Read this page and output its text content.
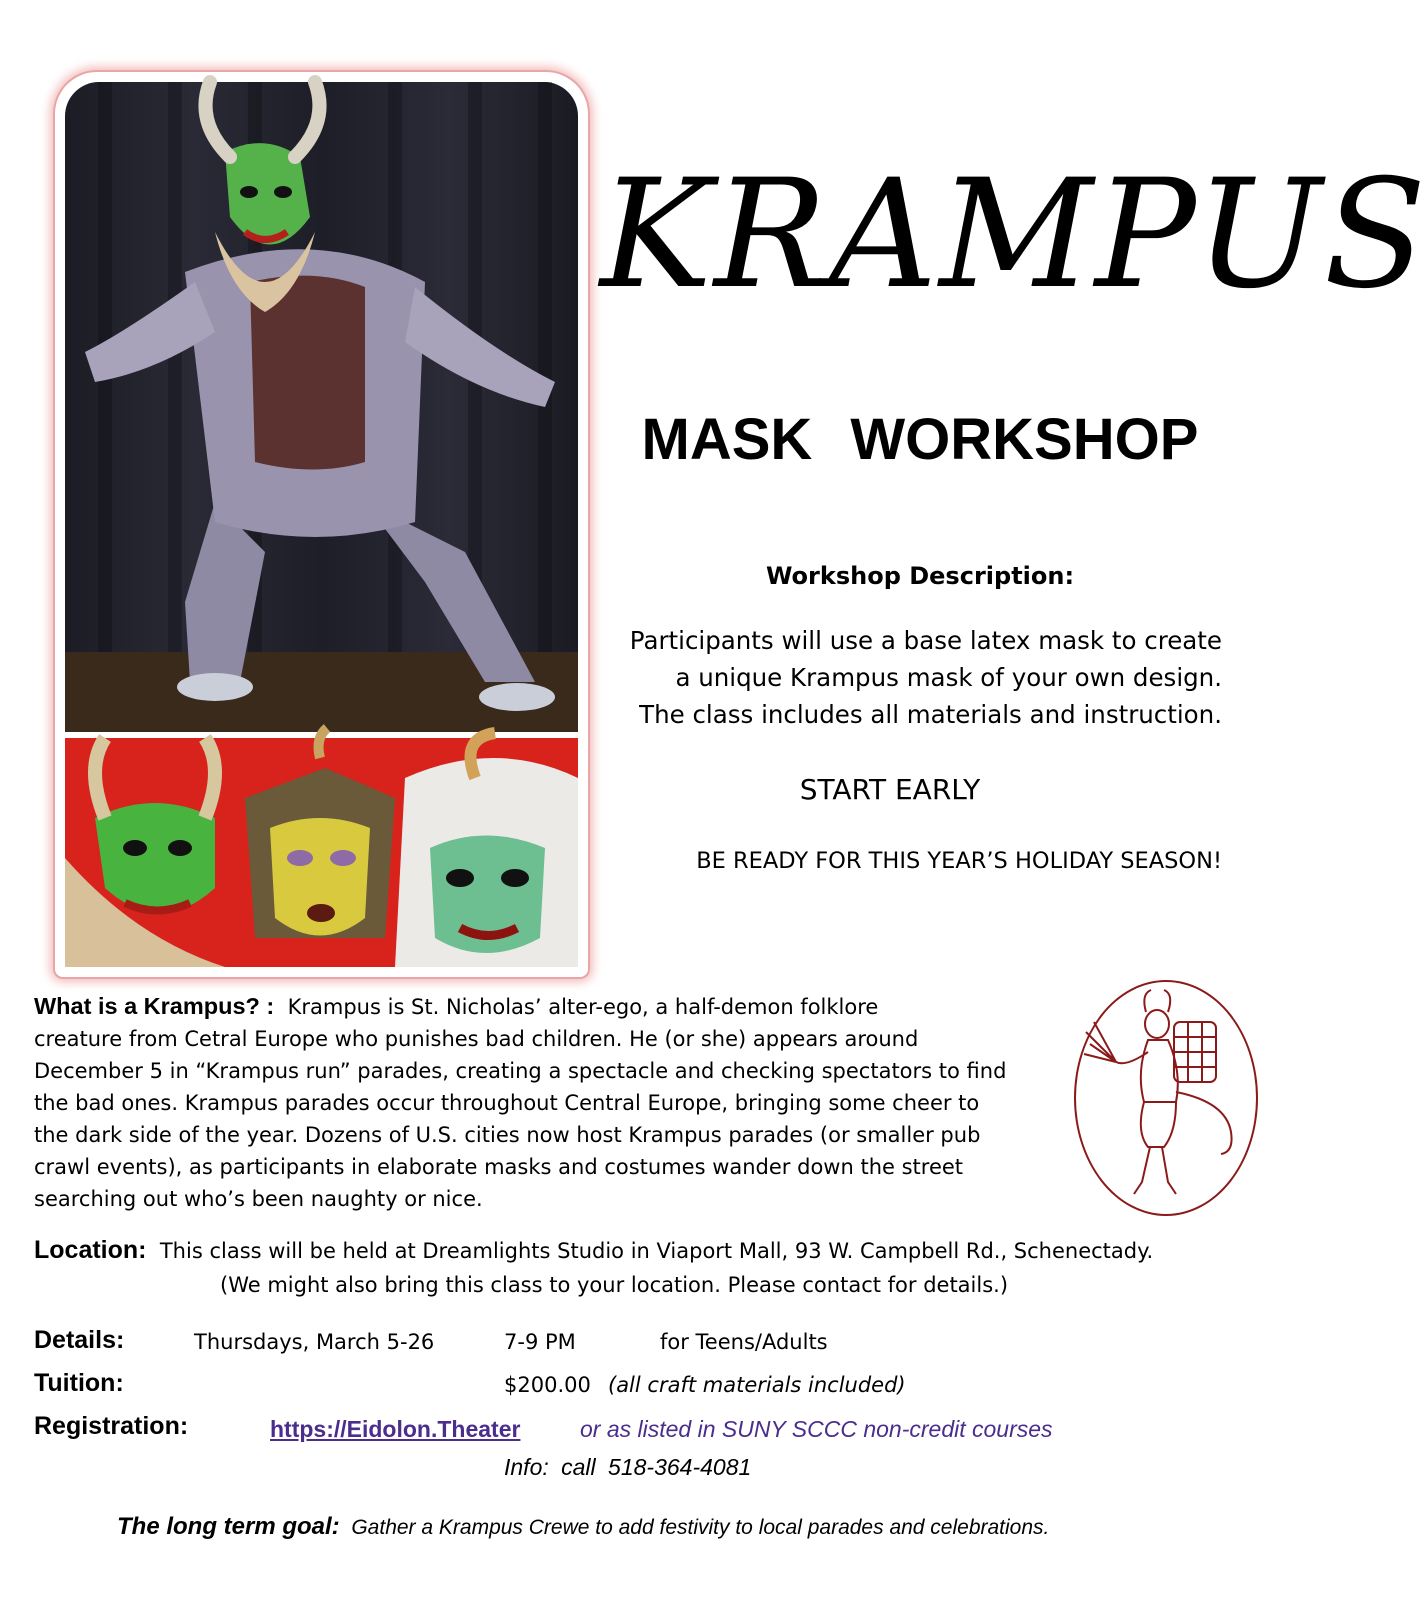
KRAMPUS
MASK WORKSHOP
Workshop Description:
Participants will use a base latex mask to create
a unique Krampus mask of your own design.
The class includes all materials and instruction.
START EARLY
BE READY FOR THIS YEAR’S HOLIDAY SEASON!
What is a Krampus? : Krampus is St. Nicholas’ alter-ego, a half-demon folklore
creature from Cetral Europe who punishes bad children. He (or she) appears around
December 5 in “Krampus run” parades, creating a spectacle and checking spectators to find
the bad ones. Krampus parades occur throughout Central Europe, bringing some cheer to
the dark side of the year. Dozens of U.S. cities now host Krampus parades (or smaller pub
crawl events), as participants in elaborate masks and costumes wander down the street
searching out who’s been naughty or nice.
Location: This class will be held at Dreamlights Studio in Viaport Mall, 93 W. Campbell Rd., Schenectady.
(We might also bring this class to your location. Please contact for details.)
Details:	Thursdays, March 5-26	7-9 PM	for Teens/Adults
Tuition:	$200.00 (all craft materials included)
Registration:	https://Eidolon.Theater	or as listed in SUNY SCCC non-credit courses
Info: call 518-364-4081
The long term goal: Gather a Krampus Crewe to add festivity to local parades and celebrations.
